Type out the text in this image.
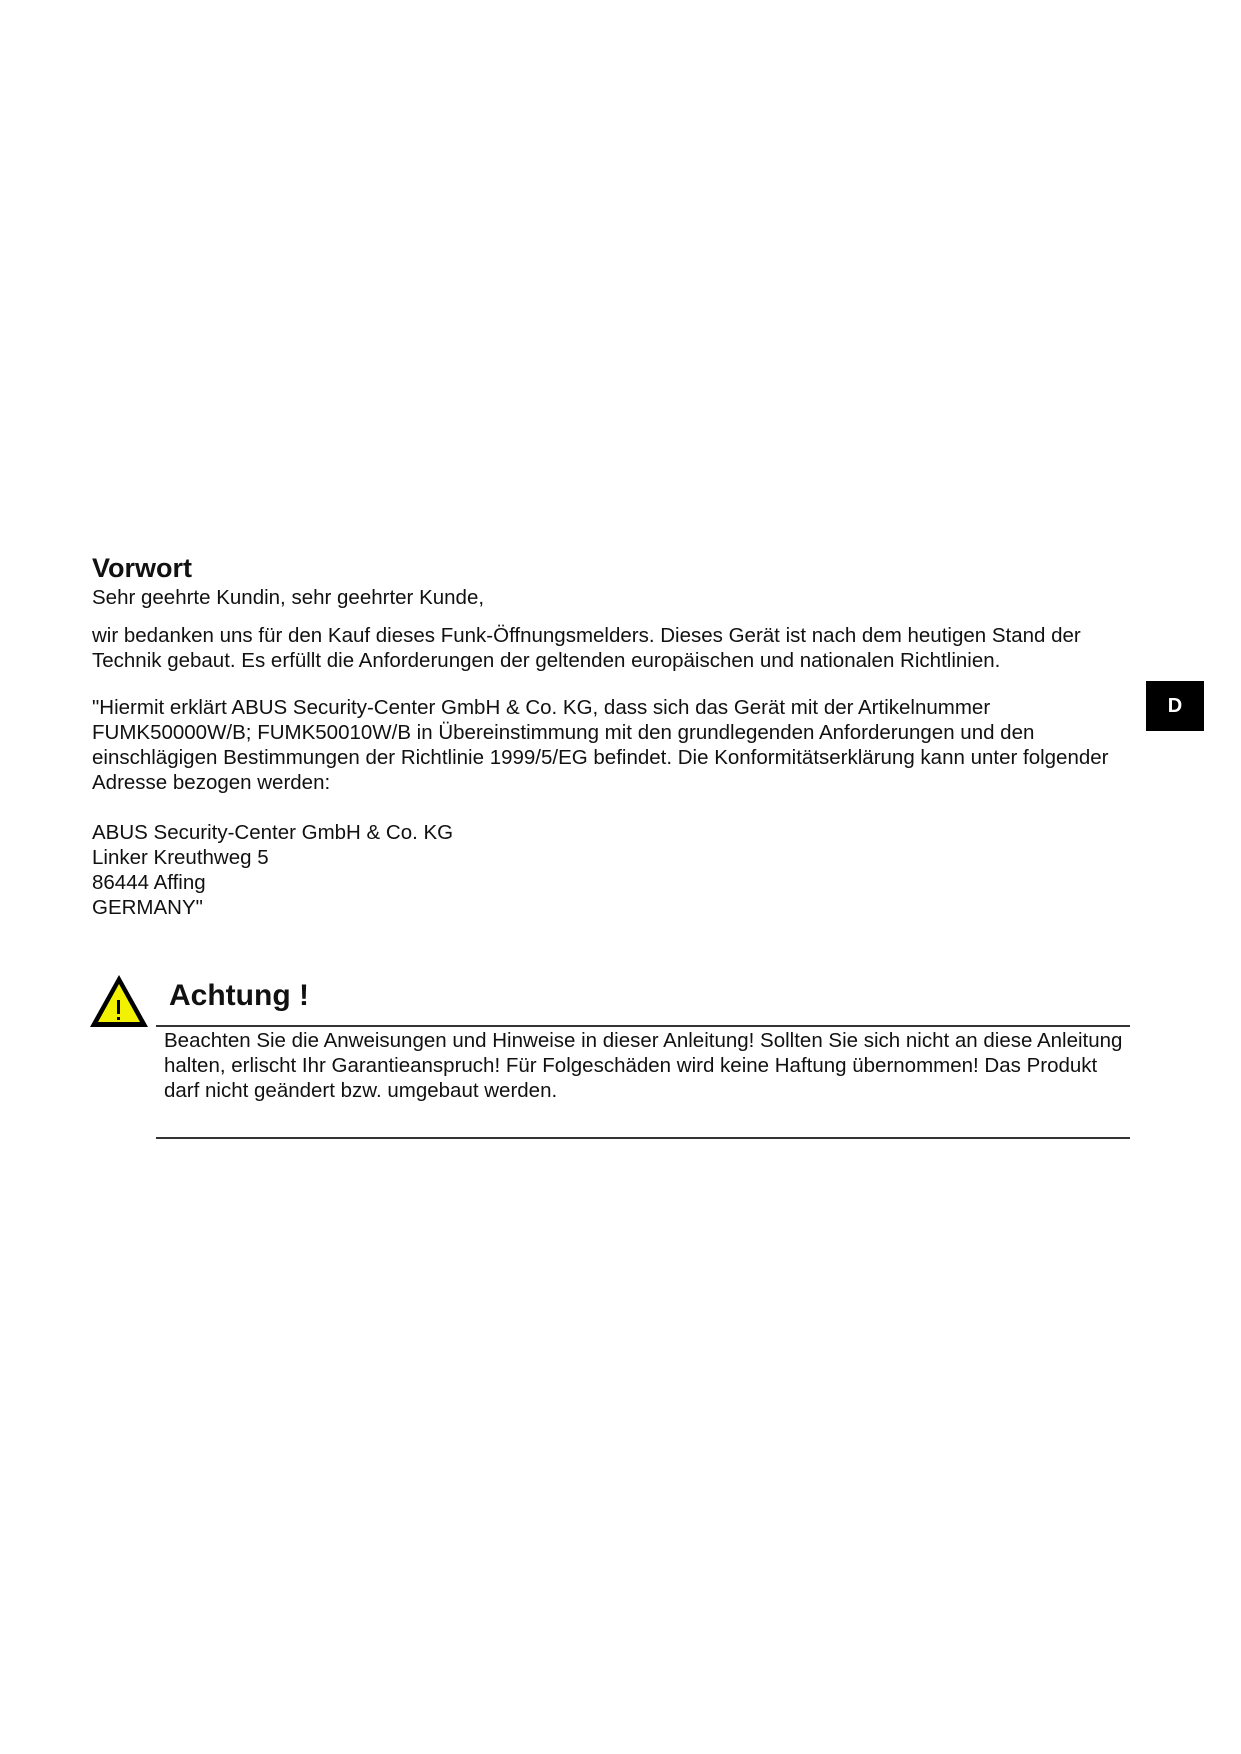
Vorwort

Sehr geehrte Kundin, sehr geehrter Kunde,

wir bedanken uns für den Kauf dieses Funk-Öffnungsmelders. Dieses Gerät ist nach dem heutigen Stand der Technik gebaut. Es erfüllt die Anforderungen der geltenden europäischen und nationalen Richtlinien.

"Hiermit erklärt ABUS Security-Center GmbH & Co. KG, dass sich das Gerät mit der Artikelnummer FUMK50000W/B; FUMK50010W/B in Übereinstimmung mit den grundlegenden Anforderungen und den einschlägigen Bestimmungen der Richtlinie 1999/5/EG befindet. Die Konformitätserklärung kann unter folgender Adresse bezogen werden:

ABUS Security-Center GmbH & Co. KG
Linker Kreuthweg 5
86444 Affing
GERMANY"
D
Achtung !

Beachten Sie die Anweisungen und Hinweise in dieser Anleitung! Sollten Sie sich nicht an diese Anleitung halten, erlischt Ihr Garantieanspruch! Für Folgeschäden wird keine Haftung übernommen! Das Produkt darf nicht geändert bzw. umgebaut werden.
